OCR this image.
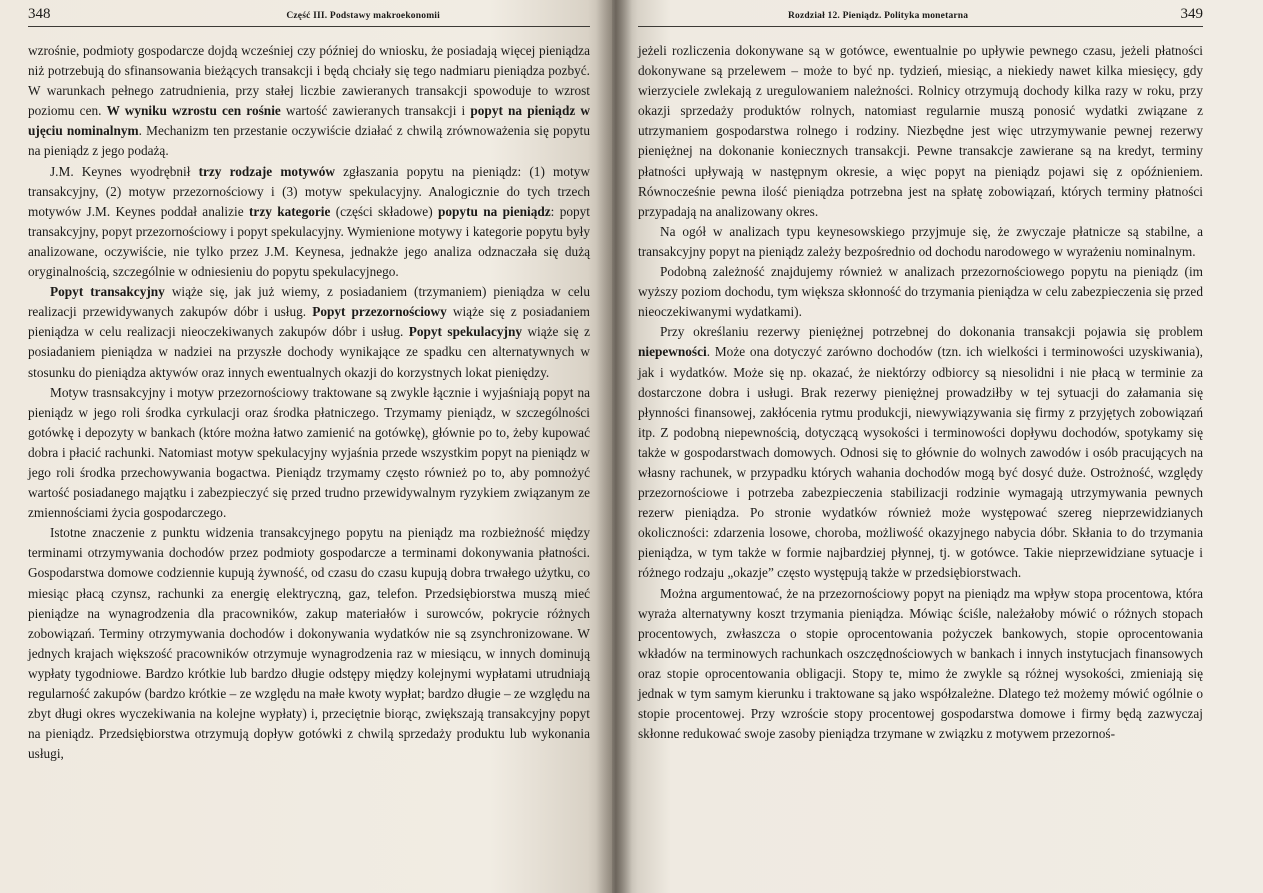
348	Część III. Podstawy makroekonomii

wzrośnie, podmioty gospodarcze dojdą wcześniej czy później do wniosku, że posiadają więcej pieniądza niż potrzebują do sfinansowania bieżących transakcji i będą chciały się tego nadmiaru pieniądza pozbyć. W warunkach pełnego zatrudnienia, przy stałej liczbie zawieranych transakcji spowoduje to wzrost poziomu cen. W wyniku wzrostu cen rośnie wartość zawieranych transakcji i popyt na pieniądz w ujęciu nominalnym. Mechanizm ten przestanie oczywiście działać z chwilą zrównoważenia się popytu na pieniądz z jego podażą.

J.M. Keynes wyodrębnił trzy rodzaje motywów zgłaszania popytu na pieniądz: (1) motyw transakcyjny, (2) motyw przezornościowy i (3) motyw spekulacyjny. Analogicznie do tych trzech motywów J.M. Keynes poddał analizie trzy kategorie (części składowe) popytu na pieniądz: popyt transakcyjny, popyt przezornościowy i popyt spekulacyjny. Wymienione motywy i kategorie popytu były analizowane, oczywiście, nie tylko przez J.M. Keynesa, jednakże jego analiza odznaczała się dużą oryginalnością, szczególnie w odniesieniu do popytu spekulacyjnego.

Popyt transakcyjny wiąże się, jak już wiemy, z posiadaniem (trzymaniem) pieniądza w celu realizacji przewidywanych zakupów dóbr i usług. Popyt przezornościowy wiąże się z posiadaniem pieniądza w celu realizacji nieoczekiwanych zakupów dóbr i usług. Popyt spekulacyjny wiąże się z posiadaniem pieniądza w nadziei na przyszłe dochody wynikające ze spadku cen alternatywnych w stosunku do pieniądza aktywów oraz innych ewentualnych okazji do korzystnych lokat pieniędzy.

Motyw trasnsakcyjny i motyw przezornościowy traktowane są zwykle łącznie i wyjaśniają popyt na pieniądz w jego roli środka cyrkulacji oraz środka płatniczego. Trzymamy pieniądz, w szczególności gotówkę i depozyty w bankach (które można łatwo zamienić na gotówkę), głównie po to, żeby kupować dobra i płacić rachunki. Natomiast motyw spekulacyjny wyjaśnia przede wszystkim popyt na pieniądz w jego roli środka przechowywania bogactwa. Pieniądz trzymamy często również po to, aby pomnożyć wartość posiadanego majątku i zabezpieczyć się przed trudno przewidywalnym ryzykiem związanym ze zmiennościami życia gospodarczego.

Istotne znaczenie z punktu widzenia transakcyjnego popytu na pieniądz ma rozbieżność między terminami otrzymywania dochodów przez podmioty gospodarcze a terminami dokonywania płatności. Gospodarstwa domowe codziennie kupują żywność, od czasu do czasu kupują dobra trwałego użytku, co miesiąc płacą czynsz, rachunki za energię elektryczną, gaz, telefon. Przedsiębiorstwa muszą mieć pieniądze na wynagrodzenia dla pracowników, zakup materiałów i surowców, pokrycie różnych zobowiązań. Terminy otrzymywania dochodów i dokonywania wydatków nie są zsynchronizowane. W jednych krajach większość pracowników otrzymuje wynagrodzenia raz w miesiącu, w innych dominują wypłaty tygodniowe. Bardzo krótkie lub bardzo długie odstępy między kolejnymi wypłatami utrudniają regularność zakupów (bardzo krótkie – ze względu na małe kwoty wypłat; bardzo długie – ze względu na zbyt długi okres wyczekiwania na kolejne wypłaty) i, przeciętnie biorąc, zwiększają transakcyjny popyt na pieniądz. Przedsiębiorstwa otrzymują dopływ gotówki z chwilą sprzedaży produktu lub wykonania usługi,

Rozdział 12. Pieniądz. Polityka monetarna	349

jeżeli rozliczenia dokonywane są w gotówce, ewentualnie po upływie pewnego czasu, jeżeli płatności dokonywane są przelewem – może to być np. tydzień, miesiąc, a niekiedy nawet kilka miesięcy, gdy wierzyciele zwlekają z uregulowaniem należności. Rolnicy otrzymują dochody kilka razy w roku, przy okazji sprzedaży produktów rolnych, natomiast regularnie muszą ponosić wydatki związane z utrzymaniem gospodarstwa rolnego i rodziny. Niezbędne jest więc utrzymywanie pewnej rezerwy pieniężnej na dokonanie koniecznych transakcji. Pewne transakcje zawierane są na kredyt, terminy płatności upływają w następnym okresie, a więc popyt na pieniądz pojawi się z opóźnieniem. Równocześnie pewna ilość pieniądza potrzebna jest na spłatę zobowiązań, których terminy płatności przypadają na analizowany okres.

Na ogół w analizach typu keynesowskiego przyjmuje się, że zwyczaje płatnicze są stabilne, a transakcyjny popyt na pieniądz zależy bezpośrednio od dochodu narodowego w wyrażeniu nominalnym.

Podobną zależność znajdujemy również w analizach przezornościowego popytu na pieniądz (im wyższy poziom dochodu, tym większa skłonność do trzymania pieniądza w celu zabezpieczenia się przed nieoczekiwanymi wydatkami).

Przy określaniu rezerwy pieniężnej potrzebnej do dokonania transakcji pojawia się problem niepewności. Może ona dotyczyć zarówno dochodów (tzn. ich wielkości i terminowości uzyskiwania), jak i wydatków. Może się np. okazać, że niektórzy odbiorcy są niesolidni i nie płacą w terminie za dostarczone dobra i usługi. Brak rezerwy pieniężnej prowadziłby w tej sytuacji do załamania się płynności finansowej, zakłócenia rytmu produkcji, niewywiązywania się firmy z przyjętych zobowiązań itp. Z podobną niepewnością, dotyczącą wysokości i terminowości dopływu dochodów, spotykamy się także w gospodarstwach domowych. Odnosi się to głównie do wolnych zawodów i osób pracujących na własny rachunek, w przypadku których wahania dochodów mogą być dosyć duże. Ostrożność, względy przezornościowe i potrzeba zabezpieczenia stabilizacji rodzinie wymagają utrzymywania pewnych rezerw pieniądza. Po stronie wydatków również może występować szereg nieprzewidzianych okoliczności: zdarzenia losowe, choroba, możliwość okazyjnego nabycia dóbr. Skłania to do trzymania pieniądza, w tym także w formie najbardziej płynnej, tj. w gotówce. Takie nieprzewidziane sytuacje i różnego rodzaju „okazje” często występują także w przedsiębiorstwach.

Można argumentować, że na przezornościowy popyt na pieniądz ma wpływ stopa procentowa, która wyraża alternatywny koszt trzymania pieniądza. Mówiąc ściśle, należałoby mówić o różnych stopach procentowych, zwłaszcza o stopie oprocentowania pożyczek bankowych, stopie oprocentowania wkładów na terminowych rachunkach oszczędnościowych w bankach i innych instytucjach finansowych oraz stopie oprocentowania obligacji. Stopy te, mimo że zwykle są różnej wysokości, zmieniają się jednak w tym samym kierunku i traktowane są jako współzależne. Dlatego też możemy mówić ogólnie o stopie procentowej. Przy wzroście stopy procentowej gospodarstwa domowe i firmy będą zazwyczaj skłonne redukować swoje zasoby pieniądza trzymane w związku z motywem przezornoś-
